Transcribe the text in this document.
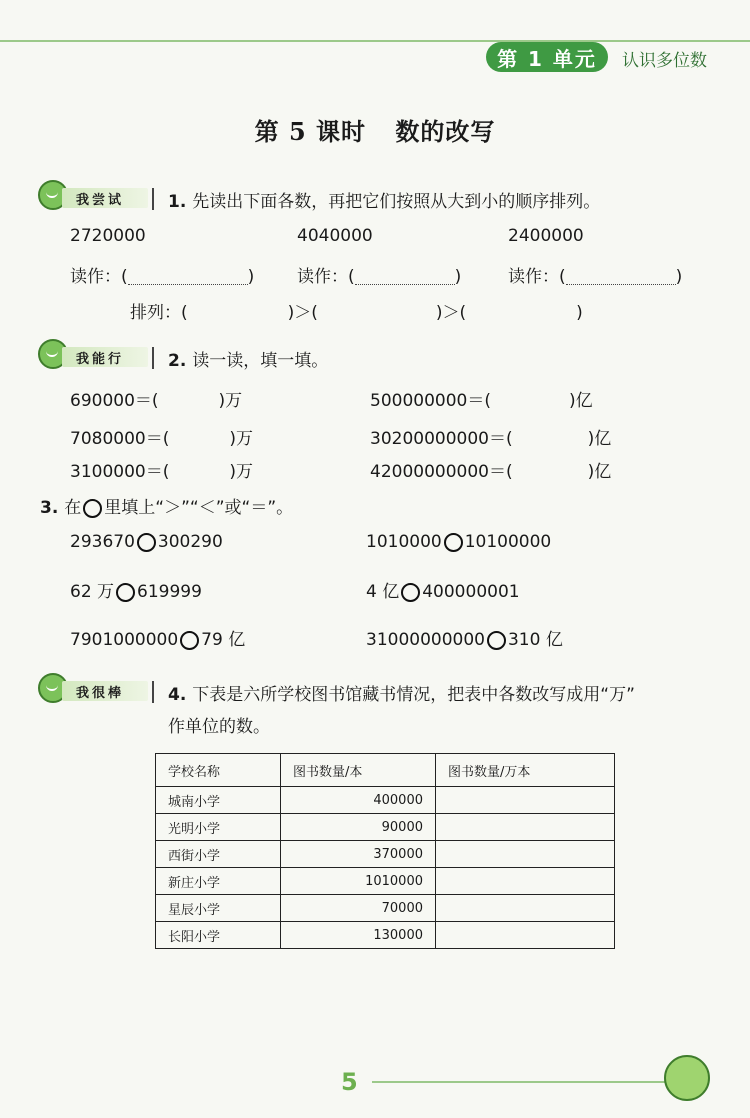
第 1 单元	认识多位数
第 5 课时 数的改写
我尝试	1. 先读出下面各数，再把它们按照从大到小的顺序排列。
2720000	4040000	2400000
读作：(	)	读作：(	)	读作：(	)
排列：(	)＞(	)＞(	)
我能行	2. 读一读，填一填。
690000＝(	)万	500000000＝(	)亿
7080000＝(	)万	30200000000＝(	)亿
3100000＝(	)万	42000000000＝(	)亿
3. 在 里填上“＞”“＜”或“＝”。
293670 300290	1010000 10100000
62 万 619999	4 亿 400000001
7901000000 79 亿	31000000000 310 亿
我很棒	4. 下表是六所学校图书馆藏书情况，把表中各数改写成用“万”
作单位的数。
学校名称	图书数量/本	图书数量/万本
城南小学	400000	
光明小学	90000	
西街小学	370000	
新庄小学	1010000	
星辰小学	70000	
长阳小学	130000	
5
